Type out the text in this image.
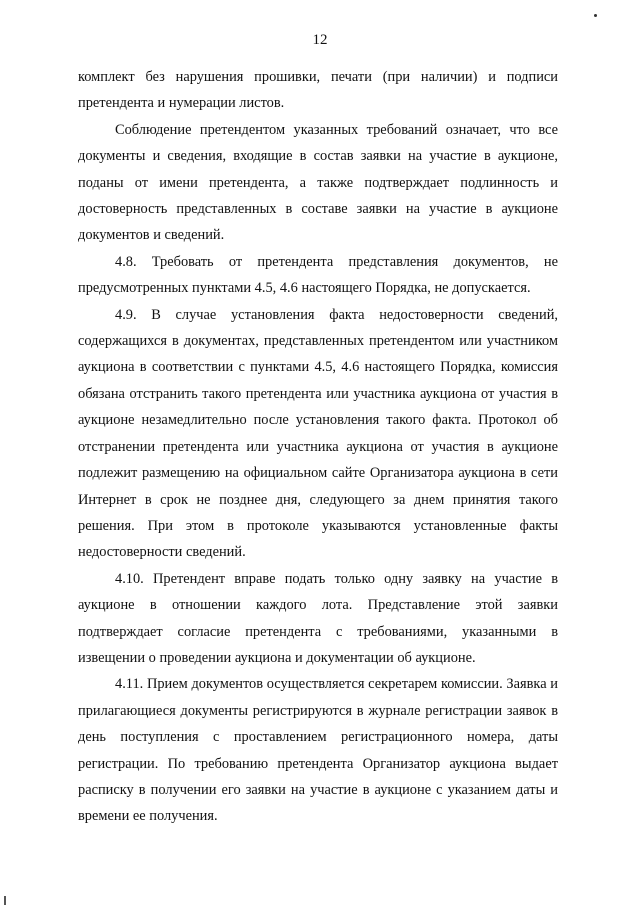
12

комплект без нарушения прошивки, печати (при наличии) и подписи претендента и нумерации листов.

Соблюдение претендентом указанных требований означает, что все документы и сведения, входящие в состав заявки на участие в аукционе, поданы от имени претендента, а также подтверждает подлинность и достоверность представленных в составе заявки на участие в аукционе документов и сведений.

4.8. Требовать от претендента представления документов, не предусмотренных пунктами 4.5, 4.6 настоящего Порядка, не допускается.

4.9. В случае установления факта недостоверности сведений, содержащихся в документах, представленных претендентом или участником аукциона в соответствии с пунктами 4.5, 4.6 настоящего Порядка, комиссия обязана отстранить такого претендента или участника аукциона от участия в аукционе незамедлительно после установления такого факта. Протокол об отстранении претендента или участника аукциона от участия в аукционе подлежит размещению на официальном сайте Организатора аукциона в сети Интернет в срок не позднее дня, следующего за днем принятия такого решения. При этом в протоколе указываются установленные факты недостоверности сведений.

4.10. Претендент вправе подать только одну заявку на участие в аукционе в отношении каждого лота. Представление этой заявки подтверждает согласие претендента с требованиями, указанными в извещении о проведении аукциона и документации об аукционе.

4.11. Прием документов осуществляется секретарем комиссии. Заявка и прилагающиеся документы регистрируются в журнале регистрации заявок в день поступления с проставлением регистрационного номера, даты регистрации. По требованию претендента Организатор аукциона выдает расписку в получении его заявки на участие в аукционе с указанием даты и времени ее получения.
